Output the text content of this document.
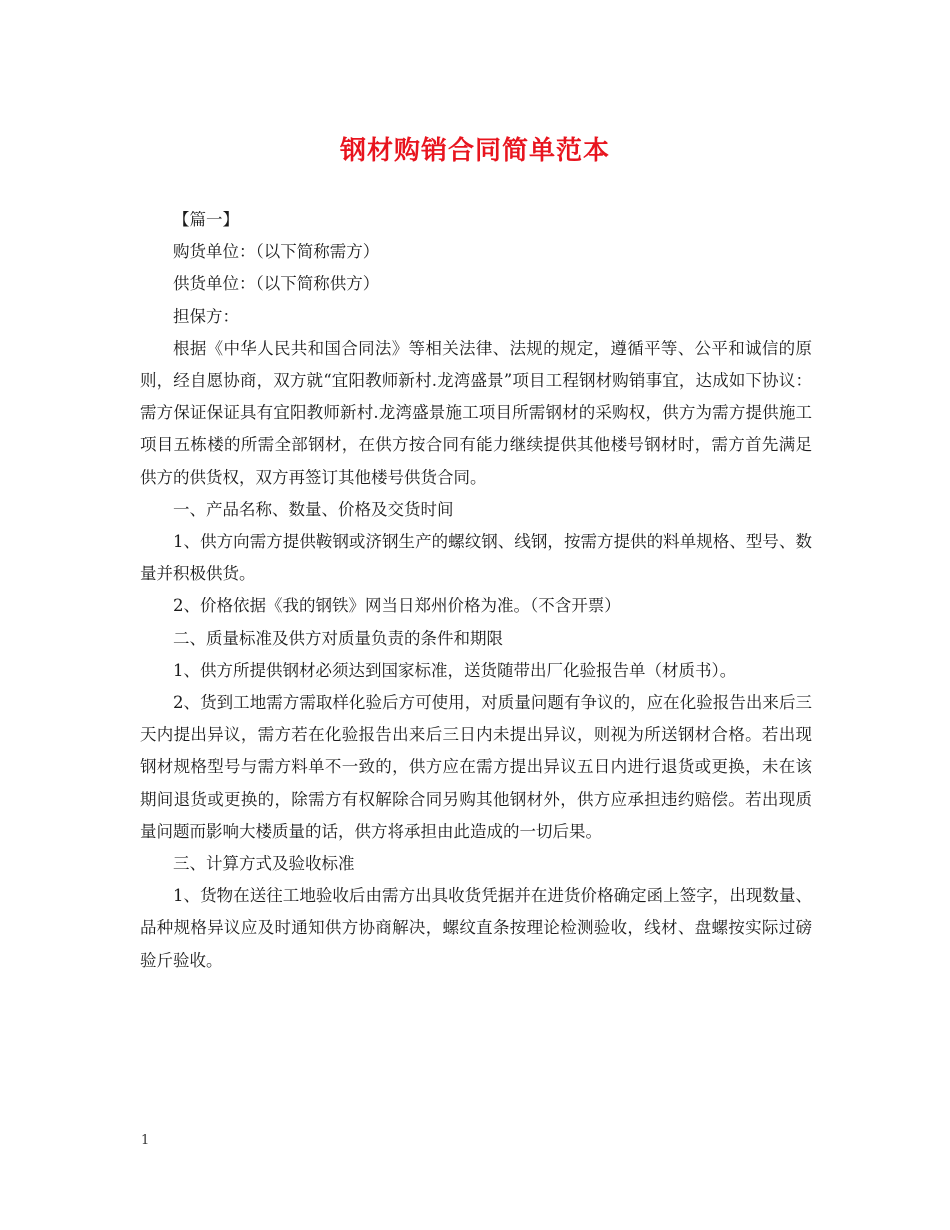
钢材购销合同简单范本

【篇一】

购货单位：（以下简称需方）

供货单位：（以下简称供方）

担保方：

根据《中华人民共和国合同法》等相关法律、法规的规定，遵循平等、公平和诚信的原则，经自愿协商，双方就“宜阳教师新村.龙湾盛景”项目工程钢材购销事宜，达成如下协议：需方保证保证具有宜阳教师新村.龙湾盛景施工项目所需钢材的采购权，供方为需方提供施工项目五栋楼的所需全部钢材，在供方按合同有能力继续提供其他楼号钢材时，需方首先满足供方的供货权，双方再签订其他楼号供货合同。

一、产品名称、数量、价格及交货时间

1、供方向需方提供鞍钢或济钢生产的螺纹钢、线钢，按需方提供的料单规格、型号、数量并积极供货。

2、价格依据《我的钢铁》网当日郑州价格为准。（不含开票）

二、质量标准及供方对质量负责的条件和期限

1、供方所提供钢材必须达到国家标准，送货随带出厂化验报告单（材质书）。

2、货到工地需方需取样化验后方可使用，对质量问题有争议的，应在化验报告出来后三天内提出异议，需方若在化验报告出来后三日内未提出异议，则视为所送钢材合格。若出现钢材规格型号与需方料单不一致的，供方应在需方提出异议五日内进行退货或更换，未在该期间退货或更换的，除需方有权解除合同另购其他钢材外，供方应承担违约赔偿。若出现质量问题而影响大楼质量的话，供方将承担由此造成的一切后果。

三、计算方式及验收标准

1、货物在送往工地验收后由需方出具收货凭据并在进货价格确定函上签字，出现数量、品种规格异议应及时通知供方协商解决，螺纹直条按理论检测验收，线材、盘螺按实际过磅验斤验收。

1
